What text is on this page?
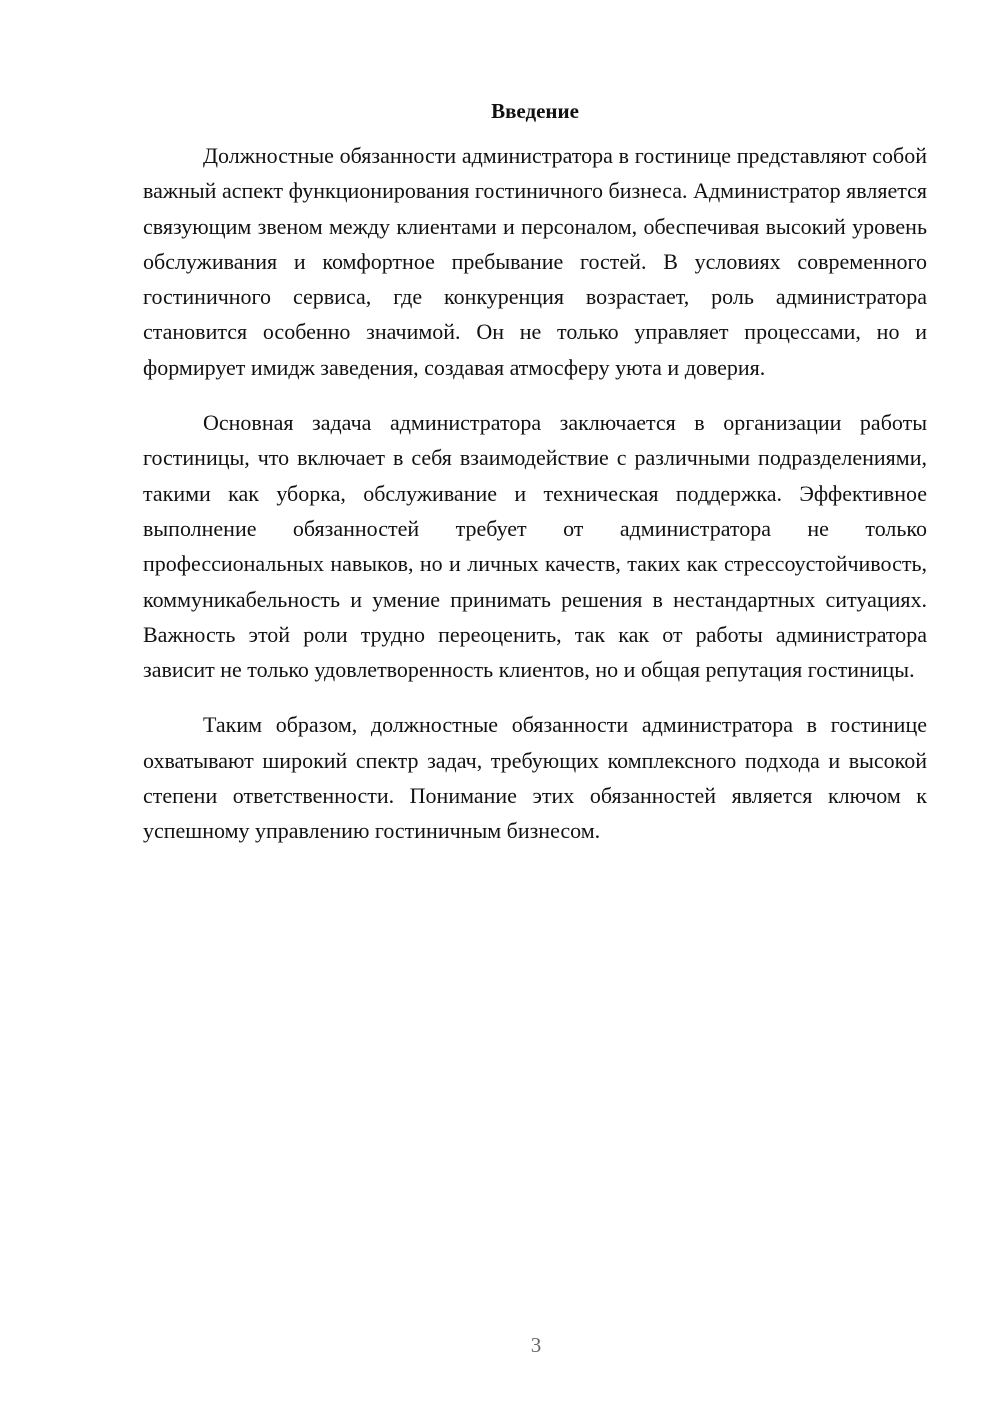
Введение

Должностные обязанности администратора в гостинице представляют собой важный аспект функционирования гостиничного бизнеса. Администратор является связующим звеном между клиентами и персоналом, обеспечивая высокий уровень обслуживания и комфортное пребывание гостей. В условиях современного гостиничного сервиса, где конкуренция возрастает, роль администратора становится особенно значимой. Он не только управляет процессами, но и формирует имидж заведения, создавая атмосферу уюта и доверия.

Основная задача администратора заключается в организации работы гостиницы, что включает в себя взаимодействие с различными подразделениями, такими как уборка, обслуживание и техническая поддержка. Эффективное выполнение обязанностей требует от администратора не только профессиональных навыков, но и личных качеств, таких как стрессоустойчивость, коммуникабельность и умение принимать решения в нестандартных ситуациях. Важность этой роли трудно переоценить, так как от работы администратора зависит не только удовлетворенность клиентов, но и общая репутация гостиницы.

Таким образом, должностные обязанности администратора в гостинице охватывают широкий спектр задач, требующих комплексного подхода и высокой степени ответственности. Понимание этих обязанностей является ключом к успешному управлению гостиничным бизнесом.

3
